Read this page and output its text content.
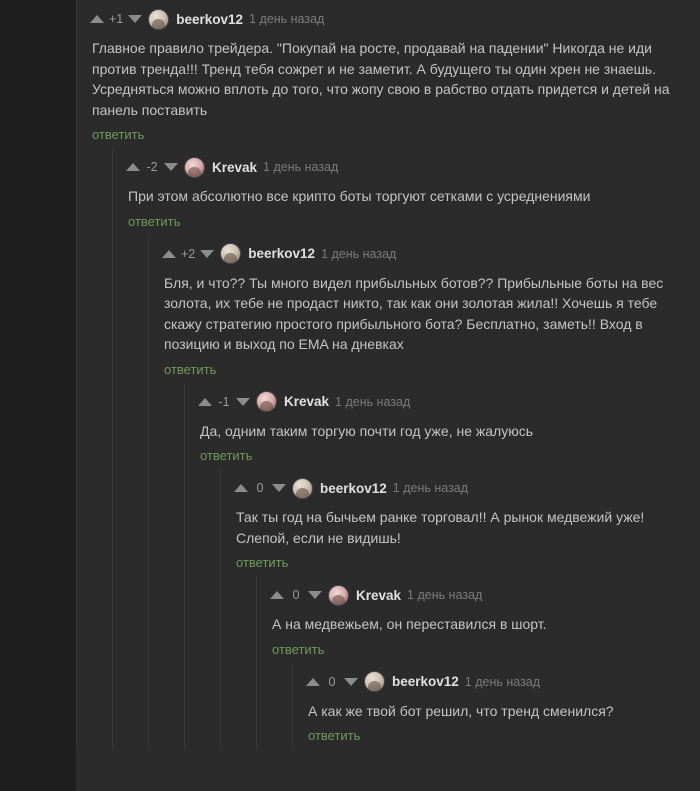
+1	beerkov12 1 день назад
Главное правило трейдера. "Покупай на росте, продавай на падении" Никогда не иди против тренда!!! Тренд тебя сожрет и не заметит. А будущего ты один хрен не знаешь. Усредняться можно вплоть до того, что жопу свою в рабство отдать придется и детей на панель поставить
ответить
-2	Krevak 1 день назад
При этом абсолютно все крипто боты торгуют сетками с усреднениями
ответить
+2	beerkov12 1 день назад
Бля, и что?? Ты много видел прибыльных ботов?? Прибыльные боты на вес золота, их тебе не продаст никто, так как они золотая жила!! Хочешь я тебе скажу стратегию простого прибыльного бота? Бесплатно, заметь!! Вход в позицию и выход по EMA на дневках
ответить
-1	Krevak 1 день назад
Да, одним таким торгую почти год уже, не жалуюсь
ответить
0	beerkov12 1 день назад
Так ты год на бычьем ранке торговал!! А рынок медвежий уже! Слепой, если не видишь!
ответить
0	Krevak 1 день назад
А на медвежьем, он переставился в шорт.
ответить
0	beerkov12 1 день назад
А как же твой бот решил, что тренд сменился?
ответить
